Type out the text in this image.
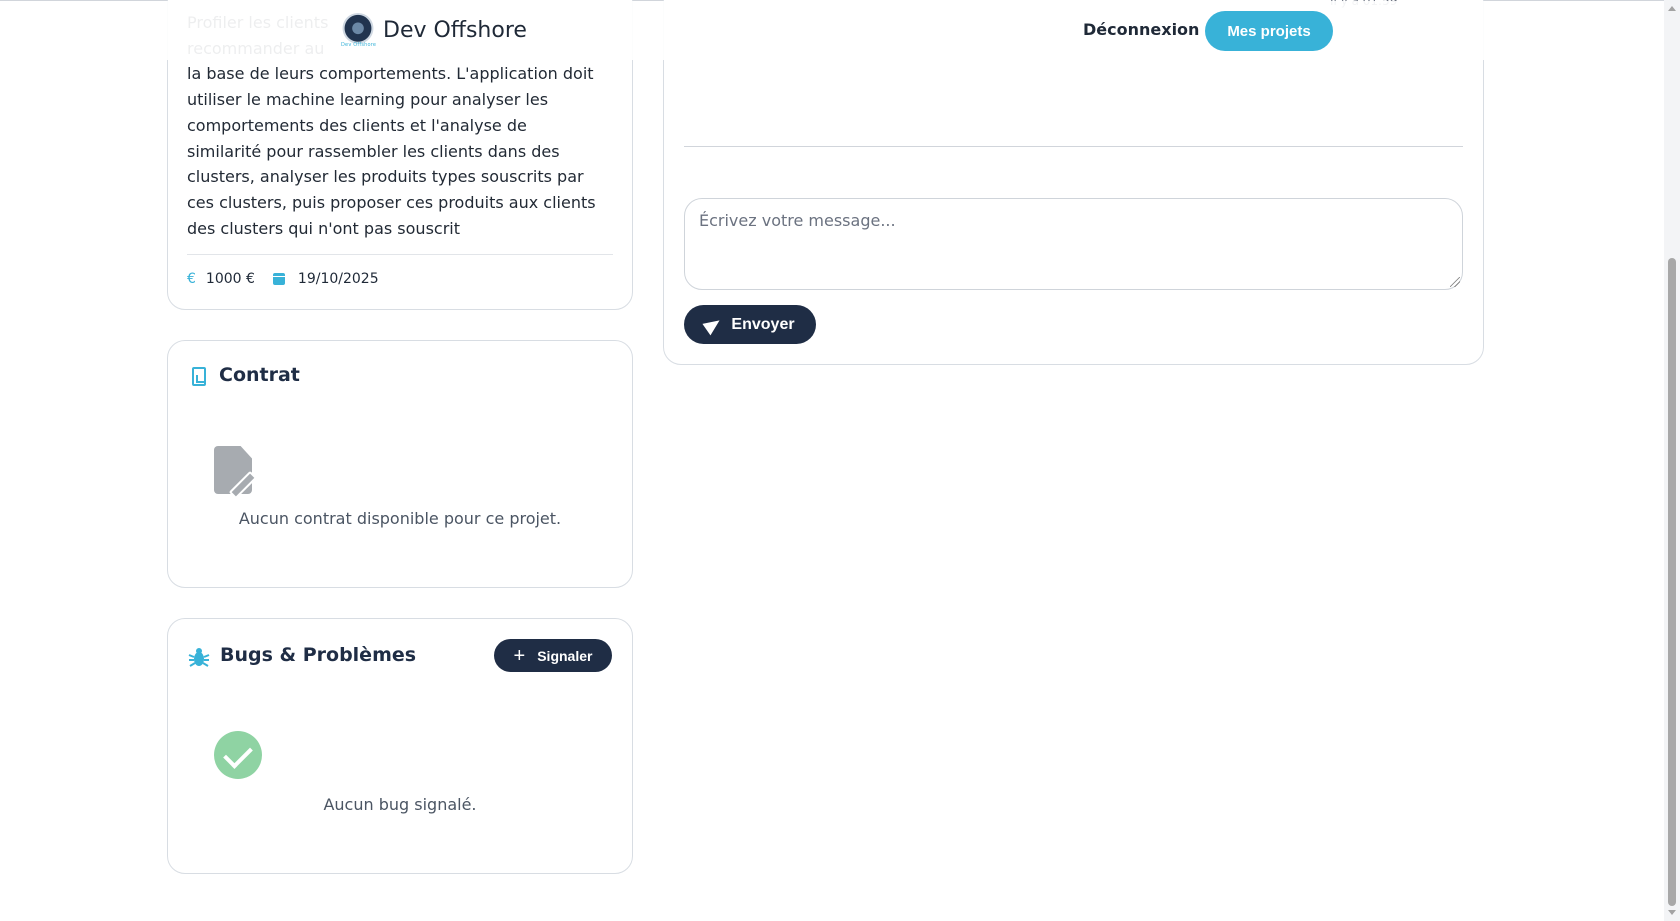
la base de leurs comportements. L'application doit
utiliser le machine learning pour analyser les
comportements des clients et l'analyse de
similarité pour rassembler les clients dans des
clusters, analyser les produits types souscrits par
ces clusters, puis proposer ces produits aux clients
des clusters qui n'ont pas souscrit
€ 1000 €	19/10/2025
Dev Offshore
Dev Offshore	Déconnexion	Mes projets
Contrat
Aucun contrat disponible pour ce projet.
Bugs & Problèmes	+ Signaler
Aucun bug signalé.
Écrivez votre message...
Envoyer
